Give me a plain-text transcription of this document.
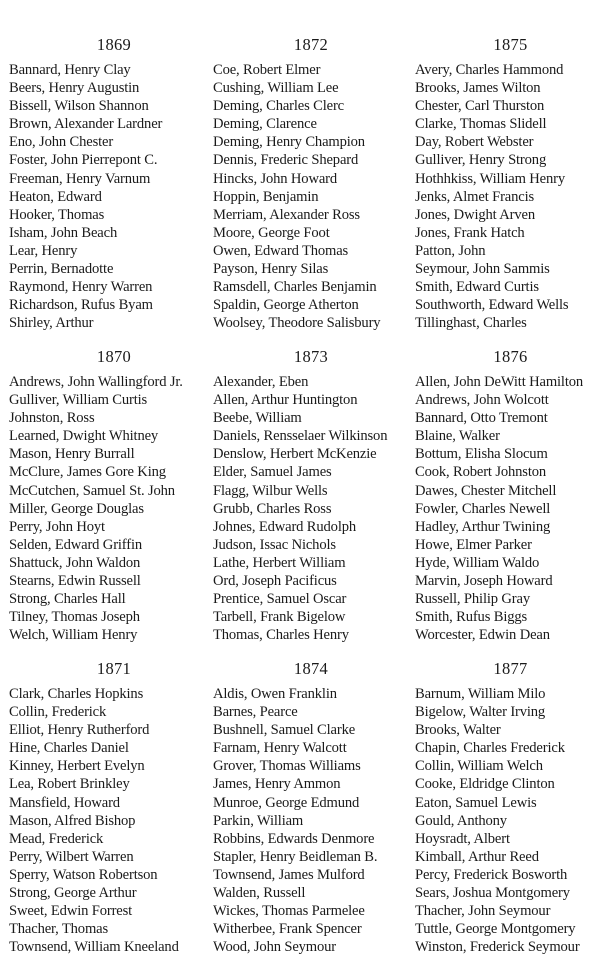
1869
Bannard, Henry Clay
Beers, Henry Augustin
Bissell, Wilson Shannon
Brown, Alexander Lardner
Eno, John Chester
Foster, John Pierrepont C.
Freeman, Henry Varnum
Heaton, Edward
Hooker, Thomas
Isham, John Beach
Lear, Henry
Perrin, Bernadotte
Raymond, Henry Warren
Richardson, Rufus Byam
Shirley, Arthur
1872
Coe, Robert Elmer
Cushing, William Lee
Deming, Charles Clerc
Deming, Clarence
Deming, Henry Champion
Dennis, Frederic Shepard
Hincks, John Howard
Hoppin, Benjamin
Merriam, Alexander Ross
Moore, George Foot
Owen, Edward Thomas
Payson, Henry Silas
Ramsdell, Charles Benjamin
Spaldin, George Atherton
Woolsey, Theodore Salisbury
1875
Avery, Charles Hammond
Brooks, James Wilton
Chester, Carl Thurston
Clarke, Thomas Slidell
Day, Robert Webster
Gulliver, Henry Strong
Hothhkiss, William Henry
Jenks, Almet Francis
Jones, Dwight Arven
Jones, Frank Hatch
Patton, John
Seymour, John Sammis
Smith, Edward Curtis
Southworth, Edward Wells
Tillinghast, Charles
1870
Andrews, John Wallingford Jr.
Gulliver, William Curtis
Johnston, Ross
Learned, Dwight Whitney
Mason, Henry Burrall
McClure, James Gore King
McCutchen, Samuel St. John
Miller, George Douglas
Perry, John Hoyt
Selden, Edward Griffin
Shattuck, John Waldon
Stearns, Edwin Russell
Strong, Charles Hall
Tilney, Thomas Joseph
Welch, William Henry
1873
Alexander, Eben
Allen, Arthur Huntington
Beebe, William
Daniels, Rensselaer Wilkinson
Denslow, Herbert McKenzie
Elder, Samuel James
Flagg, Wilbur Wells
Grubb, Charles Ross
Johnes, Edward Rudolph
Judson, Issac Nichols
Lathe, Herbert William
Ord, Joseph Pacificus
Prentice, Samuel Oscar
Tarbell, Frank Bigelow
Thomas, Charles Henry
1876
Allen, John DeWitt Hamilton
Andrews, John Wolcott
Bannard, Otto Tremont
Blaine, Walker
Bottum, Elisha Slocum
Cook, Robert Johnston
Dawes, Chester Mitchell
Fowler, Charles Newell
Hadley, Arthur Twining
Howe, Elmer Parker
Hyde, William Waldo
Marvin, Joseph Howard
Russell, Philip Gray
Smith, Rufus Biggs
Worcester, Edwin Dean
1871
Clark, Charles Hopkins
Collin, Frederick
Elliot, Henry Rutherford
Hine, Charles Daniel
Kinney, Herbert Evelyn
Lea, Robert Brinkley
Mansfield, Howard
Mason, Alfred Bishop
Mead, Frederick
Perry, Wilbert Warren
Sperry, Watson Robertson
Strong, George Arthur
Sweet, Edwin Forrest
Thacher, Thomas
Townsend, William Kneeland
1874
Aldis, Owen Franklin
Barnes, Pearce
Bushnell, Samuel Clarke
Farnam, Henry Walcott
Grover, Thomas Williams
James, Henry Ammon
Munroe, George Edmund
Parkin, William
Robbins, Edwards Denmore
Stapler, Henry Beidleman B.
Townsend, James Mulford
Walden, Russell
Wickes, Thomas Parmelee
Witherbee, Frank Spencer
Wood, John Seymour
1877
Barnum, William Milo
Bigelow, Walter Irving
Brooks, Walter
Chapin, Charles Frederick
Collin, William Welch
Cooke, Eldridge Clinton
Eaton, Samuel Lewis
Gould, Anthony
Hoysradt, Albert
Kimball, Arthur Reed
Percy, Frederick Bosworth
Sears, Joshua Montgomery
Thacher, John Seymour
Tuttle, George Montgomery
Winston, Frederick Seymour
